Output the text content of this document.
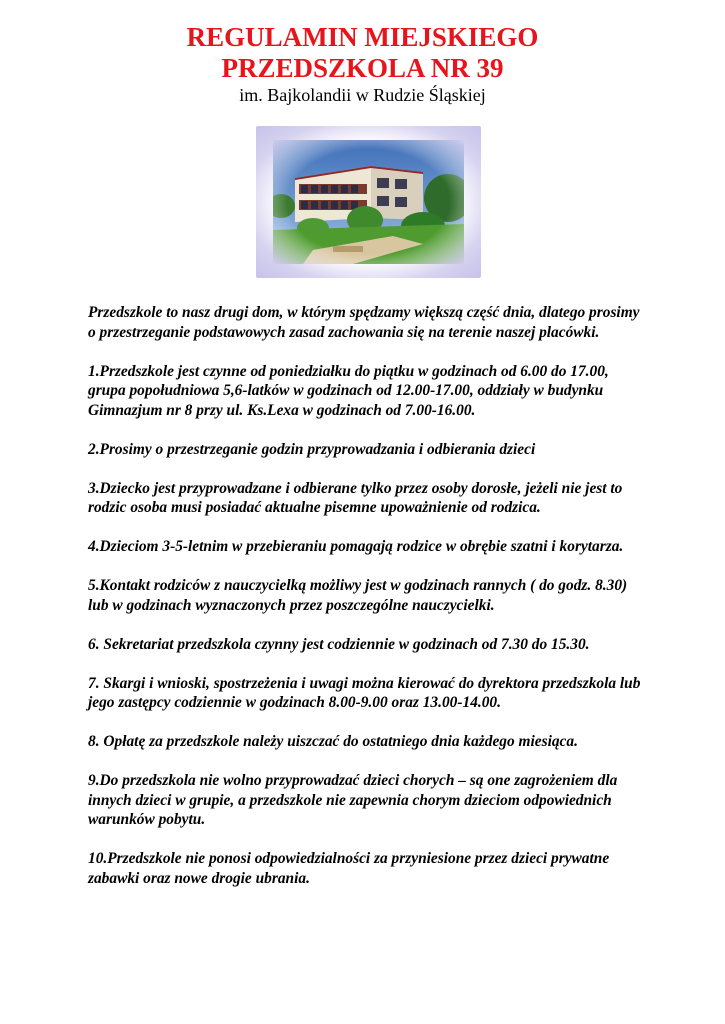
REGULAMIN MIEJSKIEGO
PRZEDSZKOLA NR 39
im. Bajkolandii w Rudzie Śląskiej

Przedszkole to nasz drugi dom, w którym spędzamy większą część dnia, dlatego prosimy o przestrzeganie podstawowych zasad zachowania się na terenie naszej placówki.

1.Przedszkole jest czynne od poniedziałku do piątku w godzinach od 6.00 do 17.00, grupa popołudniowa 5,6-latków w godzinach od 12.00-17.00, oddziały w budynku Gimnazjum nr 8 przy ul. Ks.Lexa w godzinach od 7.00-16.00.

2.Prosimy o przestrzeganie godzin przyprowadzania i odbierania dzieci

3.Dziecko jest przyprowadzane i odbierane tylko przez osoby dorosłe, jeżeli nie jest to rodzic osoba musi posiadać aktualne pisemne upoważnienie od rodzica.

4.Dzieciom 3-5-letnim w przebieraniu pomagają rodzice w obrębie szatni i korytarza.

5.Kontakt rodziców z nauczycielką możliwy jest w godzinach rannych ( do godz. 8.30) lub w godzinach wyznaczonych przez poszczególne nauczycielki.

6. Sekretariat przedszkola czynny jest codziennie w godzinach od 7.30 do 15.30.

7. Skargi i wnioski, spostrzeżenia i uwagi można kierować do dyrektora przedszkola lub jego zastępcy codziennie w godzinach 8.00-9.00 oraz 13.00-14.00.

8. Opłatę za przedszkole należy uiszczać do ostatniego dnia każdego miesiąca.

9.Do przedszkola nie wolno przyprowadzać dzieci chorych – są one zagrożeniem dla innych dzieci w grupie, a przedszkole nie zapewnia chorym dzieciom odpowiednich warunków pobytu.

10.Przedszkole nie ponosi odpowiedzialności za przyniesione przez dzieci prywatne zabawki oraz nowe drogie ubrania.
